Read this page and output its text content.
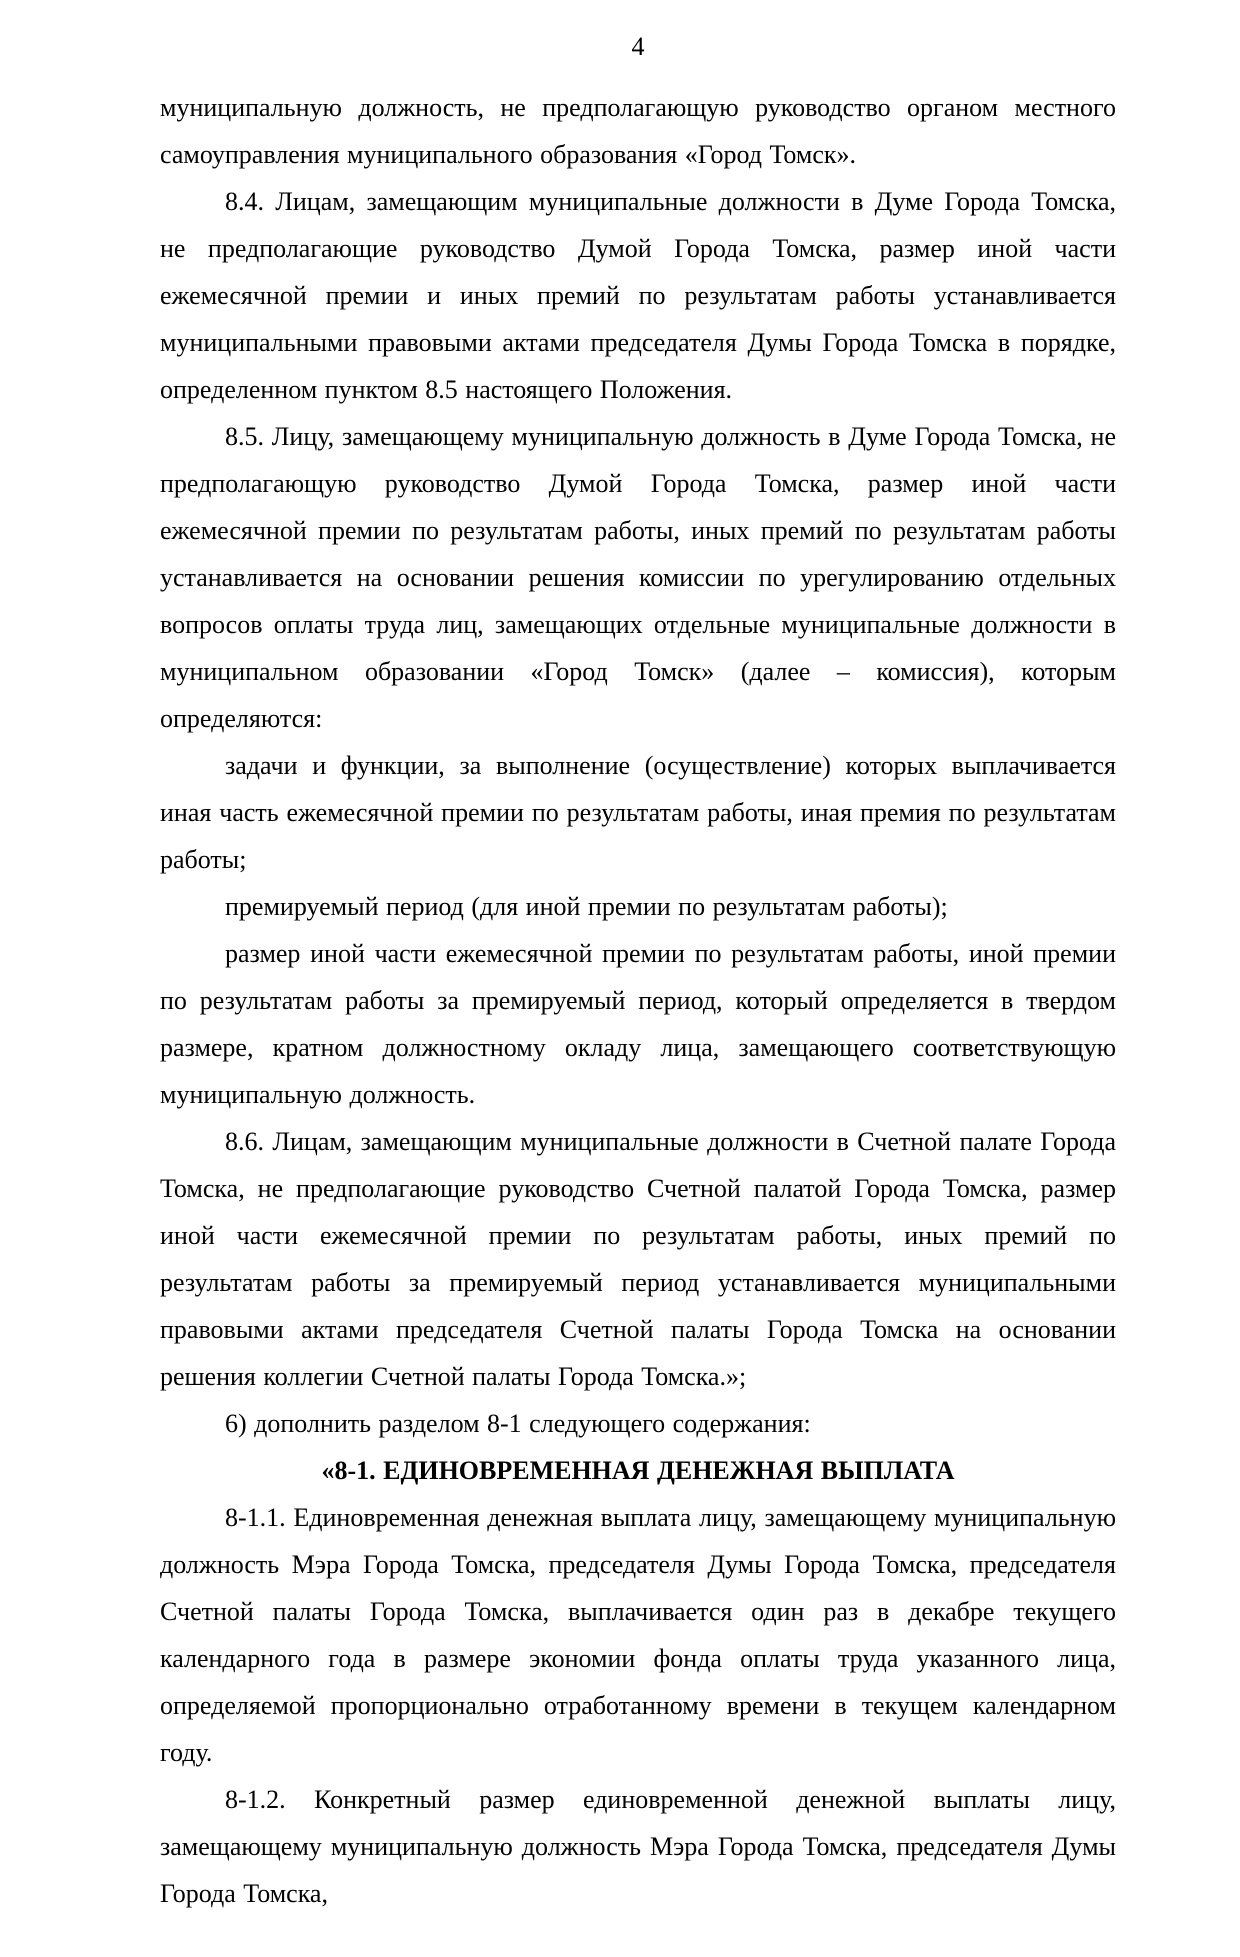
4

муниципальную должность, не предполагающую руководство органом местного самоуправления муниципального образования «Город Томск».

8.4. Лицам, замещающим муниципальные должности в Думе Города Томска, не предполагающие руководство Думой Города Томска, размер иной части ежемесячной премии и иных премий по результатам работы устанавливается муниципальными правовыми актами председателя Думы Города Томска в порядке, определенном пунктом 8.5 настоящего Положения.

8.5. Лицу, замещающему муниципальную должность в Думе Города Томска, не предполагающую руководство Думой Города Томска, размер иной части ежемесячной премии по результатам работы, иных премий по результатам работы устанавливается на основании решения комиссии по урегулированию отдельных вопросов оплаты труда лиц, замещающих отдельные муниципальные должности в муниципальном образовании «Город Томск» (далее – комиссия), которым определяются:

задачи и функции, за выполнение (осуществление) которых выплачивается иная часть ежемесячной премии по результатам работы, иная премия по результатам работы;

премируемый период (для иной премии по результатам работы);

размер иной части ежемесячной премии по результатам работы, иной премии по результатам работы за премируемый период, который определяется в твердом размере, кратном должностному окладу лица, замещающего соответствующую муниципальную должность.

8.6. Лицам, замещающим муниципальные должности в Счетной палате Города Томска, не предполагающие руководство Счетной палатой Города Томска, размер иной части ежемесячной премии по результатам работы, иных премий по результатам работы за премируемый период устанавливается муниципальными правовыми актами председателя Счетной палаты Города Томска на основании решения коллегии Счетной палаты Города Томска.»;

6) дополнить разделом 8-1 следующего содержания:

«8-1. ЕДИНОВРЕМЕННАЯ ДЕНЕЖНАЯ ВЫПЛАТА

8-1.1. Единовременная денежная выплата лицу, замещающему муниципальную должность Мэра Города Томска, председателя Думы Города Томска, председателя Счетной палаты Города Томска, выплачивается один раз в декабре текущего календарного года в размере экономии фонда оплаты труда указанного лица, определяемой пропорционально отработанному времени в текущем календарном году.

8-1.2. Конкретный размер единовременной денежной выплаты лицу, замещающему муниципальную должность Мэра Города Томска, председателя Думы Города Томска,
